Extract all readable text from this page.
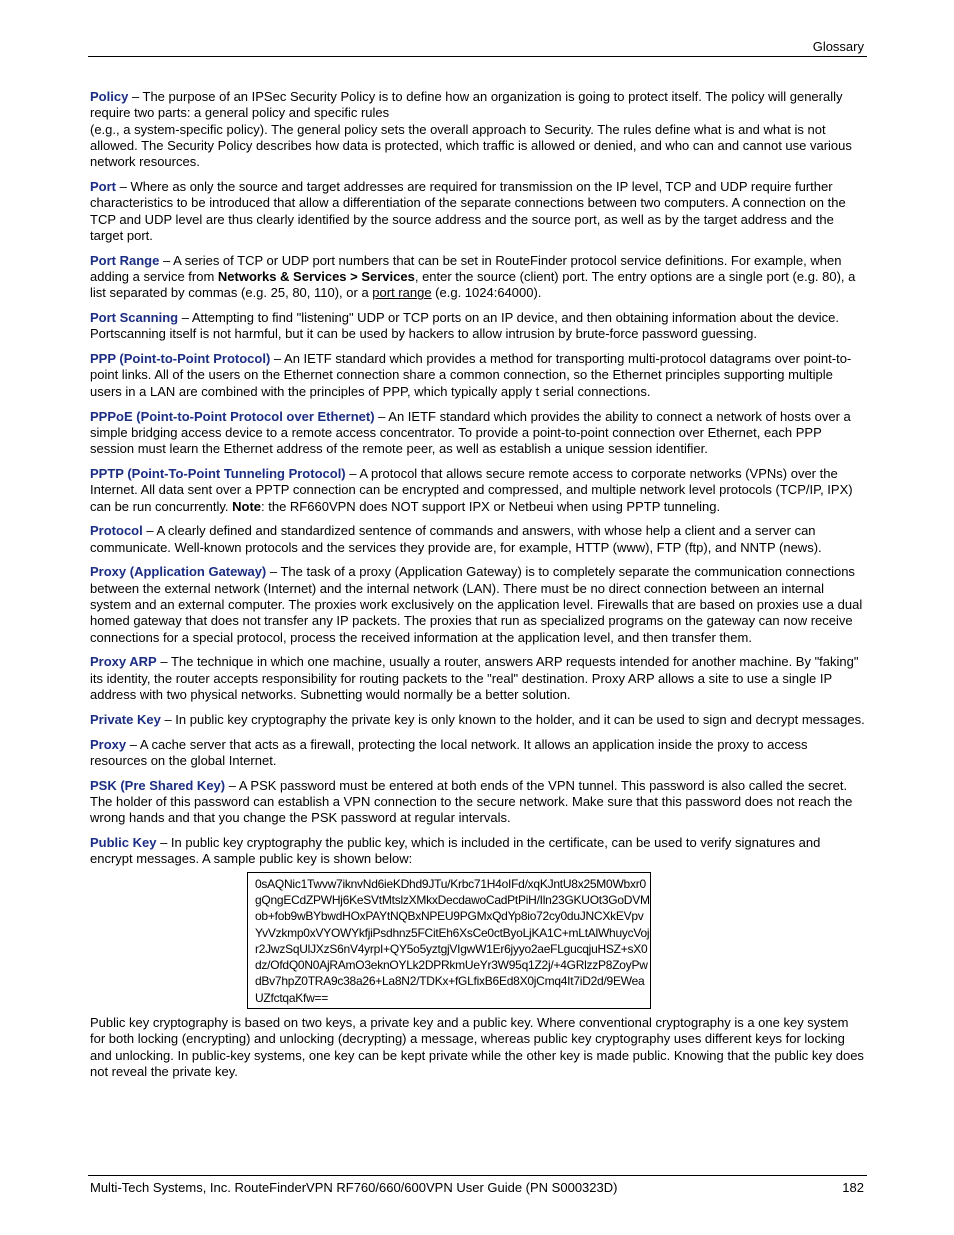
Glossary

Policy – The purpose of an IPSec Security Policy is to define how an organization is going to protect itself. The policy will generally require two parts: a general policy and specific rules
(e.g., a system-specific policy). The general policy sets the overall approach to Security. The rules define what is and what is not allowed. The Security Policy describes how data is protected, which traffic is allowed or denied, and who can and cannot use various network resources.

Port – Where as only the source and target addresses are required for transmission on the IP level, TCP and UDP require further characteristics to be introduced that allow a differentiation of the separate connections between two computers. A connection on the TCP and UDP level are thus clearly identified by the source address and the source port, as well as by the target address and the target port.

Port Range – A series of TCP or UDP port numbers that can be set in RouteFinder protocol service definitions. For example, when adding a service from Networks & Services > Services, enter the source (client) port. The entry options are a single port (e.g. 80), a list separated by commas (e.g. 25, 80, 110), or a port range (e.g. 1024:64000).

Port Scanning – Attempting to find "listening" UDP or TCP ports on an IP device, and then obtaining information about the device. Portscanning itself is not harmful, but it can be used by hackers to allow intrusion by brute-force password guessing.

PPP (Point-to-Point Protocol) – An IETF standard which provides a method for transporting multi-protocol datagrams over point-to-point links. All of the users on the Ethernet connection share a common connection, so the Ethernet principles supporting multiple users in a LAN are combined with the principles of PPP, which typically apply t serial connections.

PPPoE (Point-to-Point Protocol over Ethernet) – An IETF standard which provides the ability to connect a network of hosts over a simple bridging access device to a remote access concentrator. To provide a point-to-point connection over Ethernet, each PPP session must learn the Ethernet address of the remote peer, as well as establish a unique session identifier.

PPTP (Point-To-Point Tunneling Protocol) – A protocol that allows secure remote access to corporate networks (VPNs) over the Internet. All data sent over a PPTP connection can be encrypted and compressed, and multiple network level protocols (TCP/IP, IPX) can be run concurrently. Note: the RF660VPN does NOT support IPX or Netbeui when using PPTP tunneling.

Protocol – A clearly defined and standardized sentence of commands and answers, with whose help a client and a server can communicate. Well-known protocols and the services they provide are, for example, HTTP (www), FTP (ftp), and NNTP (news).

Proxy (Application Gateway) – The task of a proxy (Application Gateway) is to completely separate the communication connections between the external network (Internet) and the internal network (LAN). There must be no direct connection between an internal system and an external computer. The proxies work exclusively on the application level. Firewalls that are based on proxies use a dual homed gateway that does not transfer any IP packets. The proxies that run as specialized programs on the gateway can now receive connections for a special protocol, process the received information at the application level, and then transfer them.

Proxy ARP – The technique in which one machine, usually a router, answers ARP requests intended for another machine. By "faking" its identity, the router accepts responsibility for routing packets to the "real" destination. Proxy ARP allows a site to use a single IP address with two physical networks. Subnetting would normally be a better solution.

Private Key – In public key cryptography the private key is only known to the holder, and it can be used to sign and decrypt messages.

Proxy – A cache server that acts as a firewall, protecting the local network. It allows an application inside the proxy to access resources on the global Internet.

PSK (Pre Shared Key) – A PSK password must be entered at both ends of the VPN tunnel. This password is also called the secret. The holder of this password can establish a VPN connection to the secure network. Make sure that this password does not reach the wrong hands and that you change the PSK password at regular intervals.

Public Key – In public key cryptography the public key, which is included in the certificate, can be used to verify signatures and encrypt messages. A sample public key is shown below:

0sAQNic1Twvw7iknvNd6ieKDhd9JTu/Krbc71H4oIFd/xqKJntU8x25M0Wbxr0
gQngECdZPWHj6KeSVtMtslzXMkxDecdawoCadPtPiH/Iln23GKUOt3GoDVM
ob+fob9wBYbwdHOxPAYtNQBxNPEU9PGMxQdYp8io72cy0duJNCXkEVpv
YvVzkmp0xVYOWYkfjiPsdhnz5FCitEh6XsCe0ctByoLjKA1C+mLtAlWhuycVoj
r2JwzSqUlJXzS6nV4yrpI+QY5o5yztgjVIgwW1Er6jyyo2aeFLgucqjuHSZ+sX0
dz/OfdQ0N0AjRAmO3eknOYLk2DPRkmUeYr3W95q1Z2j/+4GRlzzP8ZoyPw
dBv7hpZ0TRA9c38a26+La8N2/TDKx+fGLfixB6Ed8X0jCmq4It7iD2d/9EWea
UZfctqaKfw==

Public key cryptography is based on two keys, a private key and a public key. Where conventional cryptography is a one key system for both locking (encrypting) and unlocking (decrypting) a message, whereas public key cryptography uses different keys for locking and unlocking. In public-key systems, one key can be kept private while the other key is made public. Knowing that the public key does not reveal the private key.

Multi-Tech Systems, Inc. RouteFinderVPN RF760/660/600VPN User Guide (PN S000323D)	182
